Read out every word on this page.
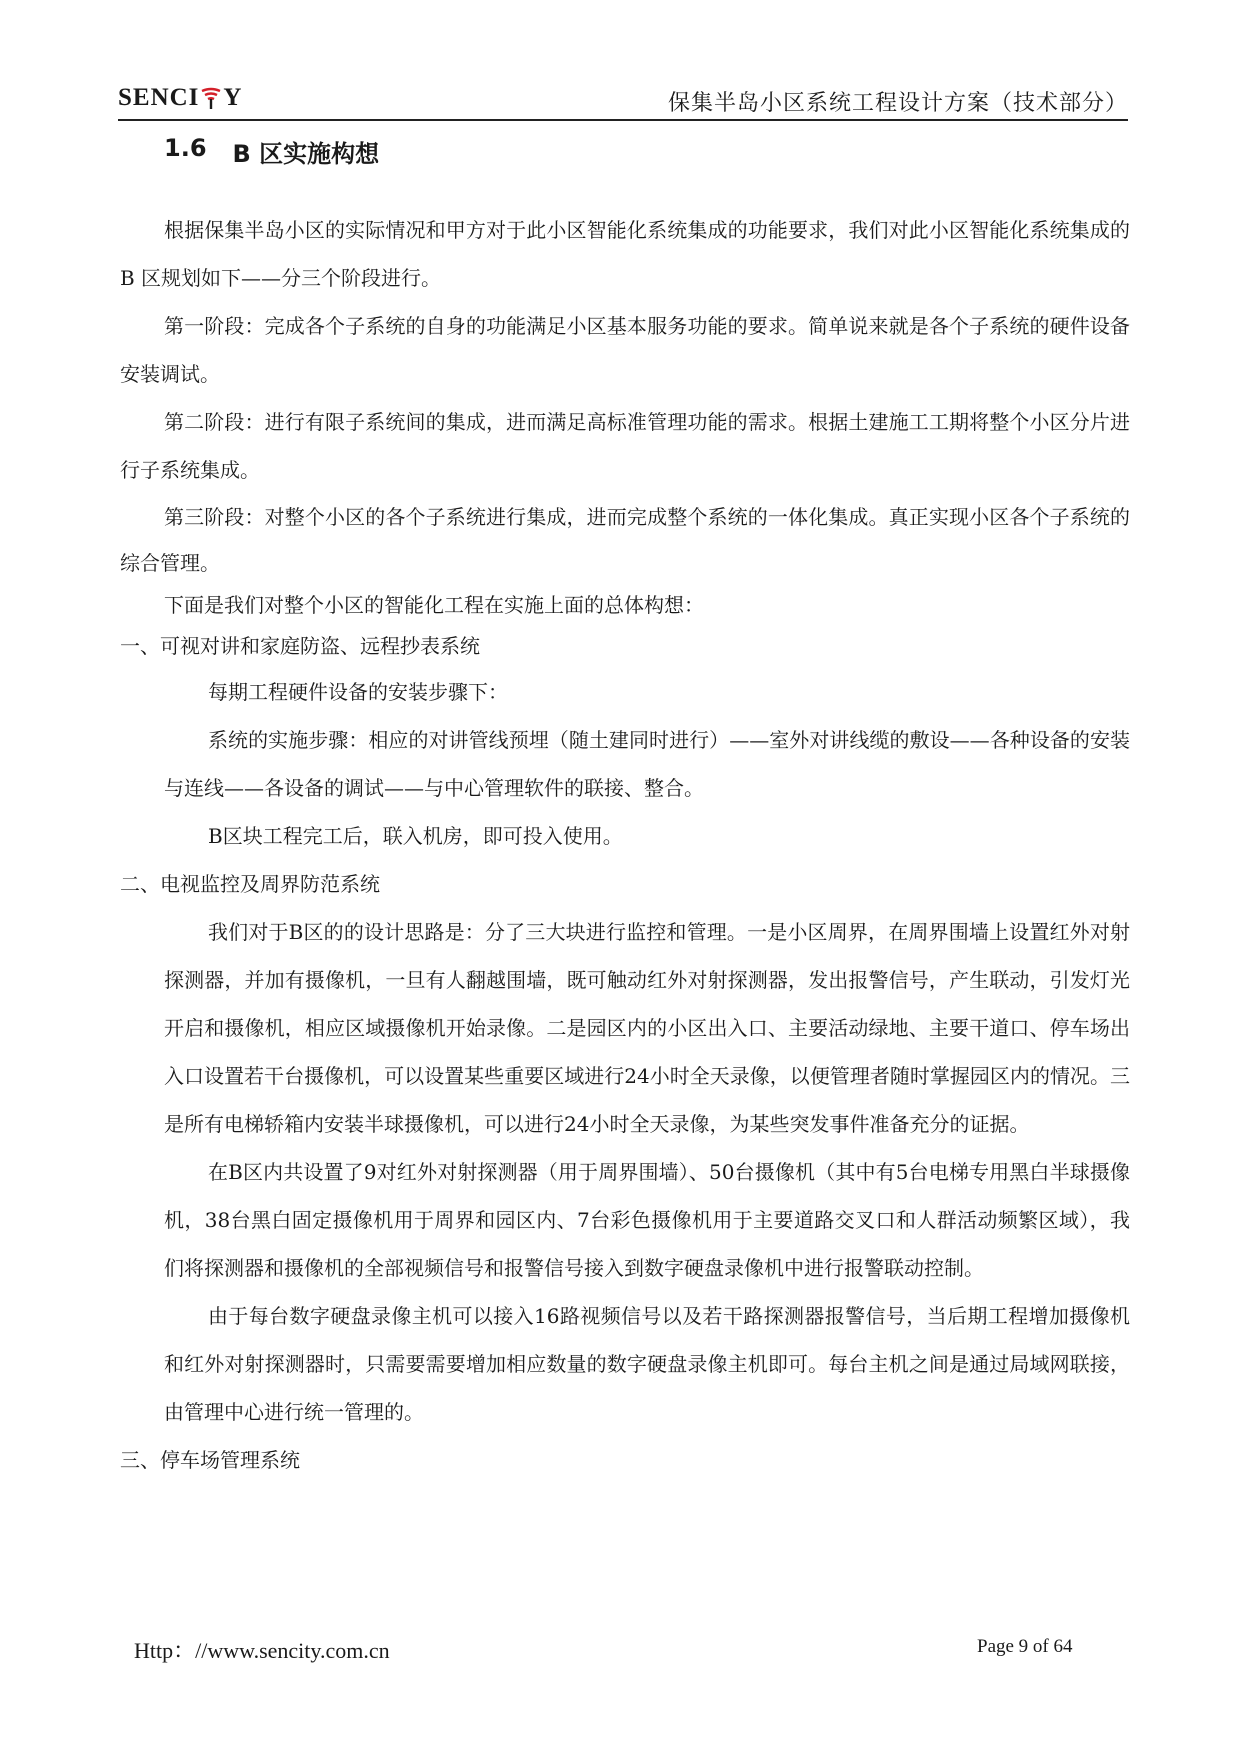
SENCI Y	保集半岛小区系统工程设计方案（技术部分）
1.6 B 区实施构想

根据保集半岛小区的实际情况和甲方对于此小区智能化系统集成的功能要求，我们对此小区智能化系统集成的 B 区规划如下——分三个阶段进行。

第一阶段：完成各个子系统的自身的功能满足小区基本服务功能的要求。简单说来就是各个子系统的硬件设备安装调试。

第二阶段：进行有限子系统间的集成，进而满足高标准管理功能的需求。根据土建施工工期将整个小区分片进行子系统集成。

第三阶段：对整个小区的各个子系统进行集成，进而完成整个系统的一体化集成。真正实现小区各个子系统的综合管理。

下面是我们对整个小区的智能化工程在实施上面的总体构想：

一、可视对讲和家庭防盗、远程抄表系统

每期工程硬件设备的安装步骤下：

系统的实施步骤：相应的对讲管线预埋（随土建同时进行）——室外对讲线缆的敷设——各种设备的安装与连线——各设备的调试——与中心管理软件的联接、整合。

B区块工程完工后，联入机房，即可投入使用。

二、电视监控及周界防范系统

我们对于B区的的设计思路是：分了三大块进行监控和管理。一是小区周界，在周界围墙上设置红外对射探测器，并加有摄像机，一旦有人翻越围墙，既可触动红外对射探测器，发出报警信号，产生联动，引发灯光开启和摄像机，相应区域摄像机开始录像。二是园区内的小区出入口、主要活动绿地、主要干道口、停车场出入口设置若干台摄像机，可以设置某些重要区域进行24小时全天录像，以便管理者随时掌握园区内的情况。三是所有电梯轿箱内安装半球摄像机，可以进行24小时全天录像，为某些突发事件准备充分的证据。

在B区内共设置了9对红外对射探测器（用于周界围墙）、50台摄像机（其中有5台电梯专用黑白半球摄像机，38台黑白固定摄像机用于周界和园区内、7台彩色摄像机用于主要道路交叉口和人群活动频繁区域），我们将探测器和摄像机的全部视频信号和报警信号接入到数字硬盘录像机中进行报警联动控制。

由于每台数字硬盘录像主机可以接入16路视频信号以及若干路探测器报警信号，当后期工程增加摄像机和红外对射探测器时，只需要需要增加相应数量的数字硬盘录像主机即可。每台主机之间是通过局域网联接，由管理中心进行统一管理的。

三、停车场管理系统

Http：//www.sencity.com.cn	Page 9 of 64
